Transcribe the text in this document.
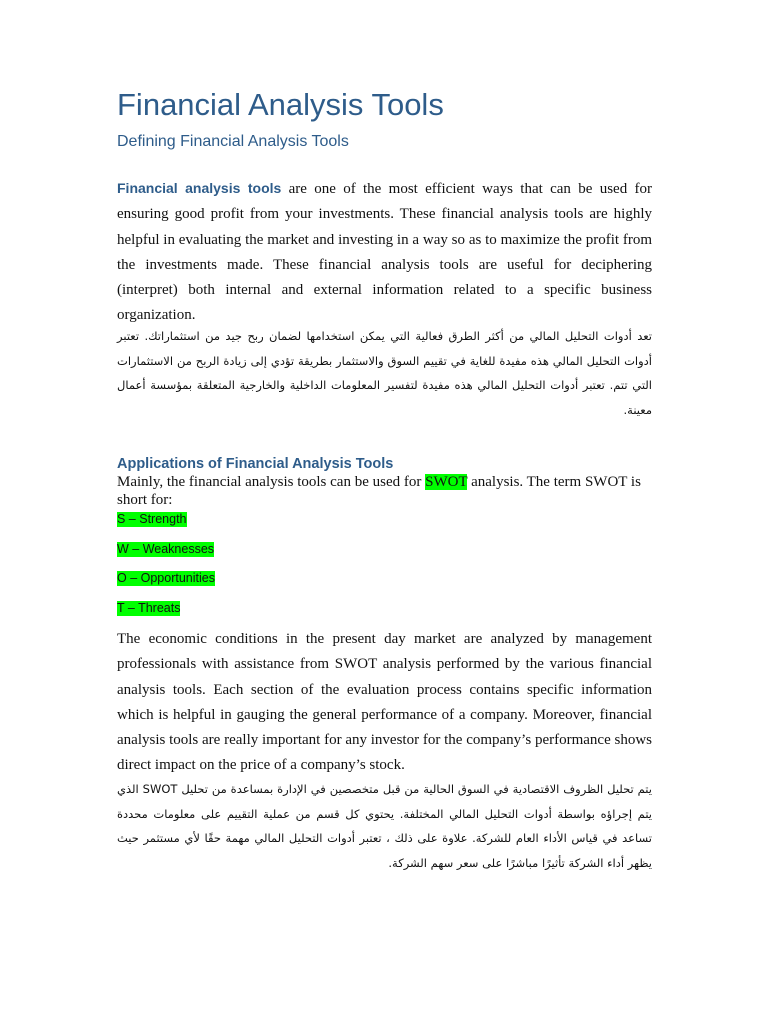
Financial Analysis Tools
Defining Financial Analysis Tools

Financial analysis tools are one of the most efficient ways that can be used for ensuring good profit from your investments. These financial analysis tools are highly helpful in evaluating the market and investing in a way so as to maximize the profit from the investments made. These financial analysis tools are useful for deciphering (interpret) both internal and external information related to a specific business organization.

تعد أدوات التحليل المالي من أكثر الطرق فعالية التي يمكن استخدامها لضمان ربح جيد من استثماراتك. تعتبر أدوات التحليل المالي هذه مفيدة للغاية في تقييم السوق والاستثمار بطريقة تؤدي إلى زيادة الربح من الاستثمارات التي تتم. تعتبر أدوات التحليل المالي هذه مفيدة لتفسير المعلومات الداخلية والخارجية المتعلقة بمؤسسة أعمال معينة.

Applications of Financial Analysis Tools

Mainly, the financial analysis tools can be used for SWOT analysis. The term SWOT is short for:

S – Strength

W – Weaknesses

O – Opportunities

T – Threats

The economic conditions in the present day market are analyzed by management professionals with assistance from SWOT analysis performed by the various financial analysis tools. Each section of the evaluation process contains specific information which is helpful in gauging the general performance of a company. Moreover, financial analysis tools are really important for any investor for the company’s performance shows direct impact on the price of a company’s stock.

يتم تحليل الظروف الاقتصادية في السوق الحالية من قبل متخصصين في الإدارة بمساعدة من تحليل SWOT الذي يتم إجراؤه بواسطة أدوات التحليل المالي المختلفة. يحتوي كل قسم من عملية التقييم على معلومات محددة تساعد في قياس الأداء العام للشركة. علاوة على ذلك ، تعتبر أدوات التحليل المالي مهمة حقًا لأي مستثمر حيث يظهر أداء الشركة تأثيرًا مباشرًا على سعر سهم الشركة.
